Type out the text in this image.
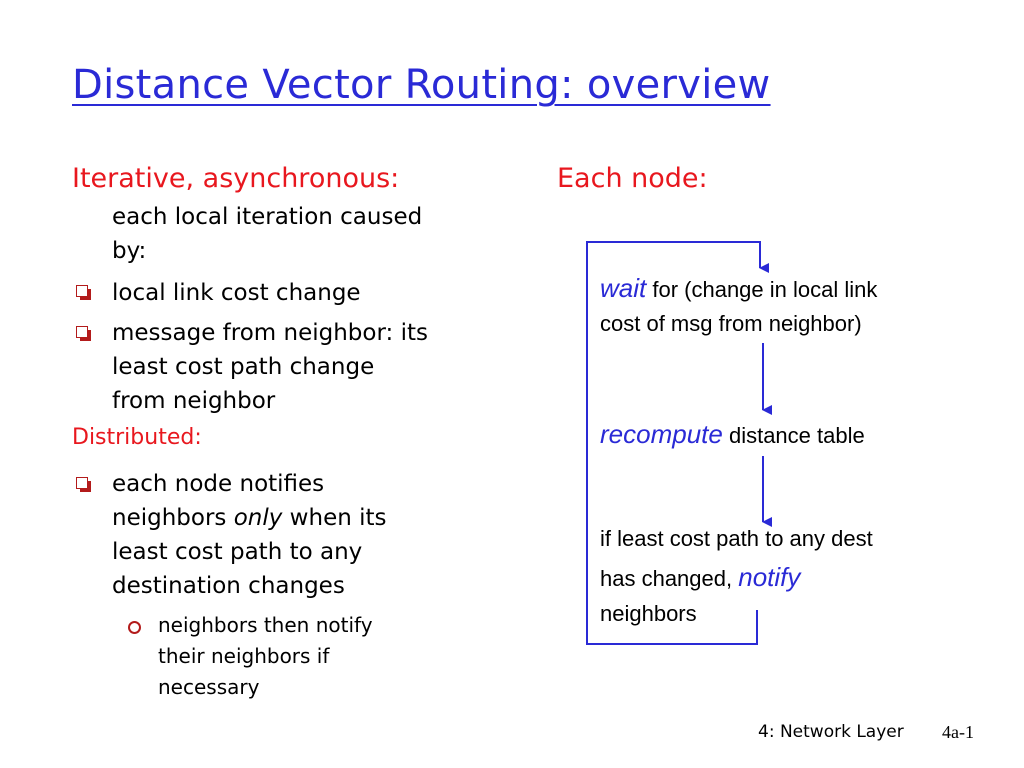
Distance Vector Routing: overview
Iterative, asynchronous:
each local iteration caused
by:
local link cost change
message from neighbor: its
least cost path change
from neighbor
Distributed:
each node notifies
neighbors only when its
least cost path to any
destination changes
neighbors then notify
their neighbors if
necessary
Each node:
wait for (change in local link
cost of msg from neighbor)
recompute distance table
if least cost path to any dest
has changed, notify
neighbors
4: Network Layer 4a-1
